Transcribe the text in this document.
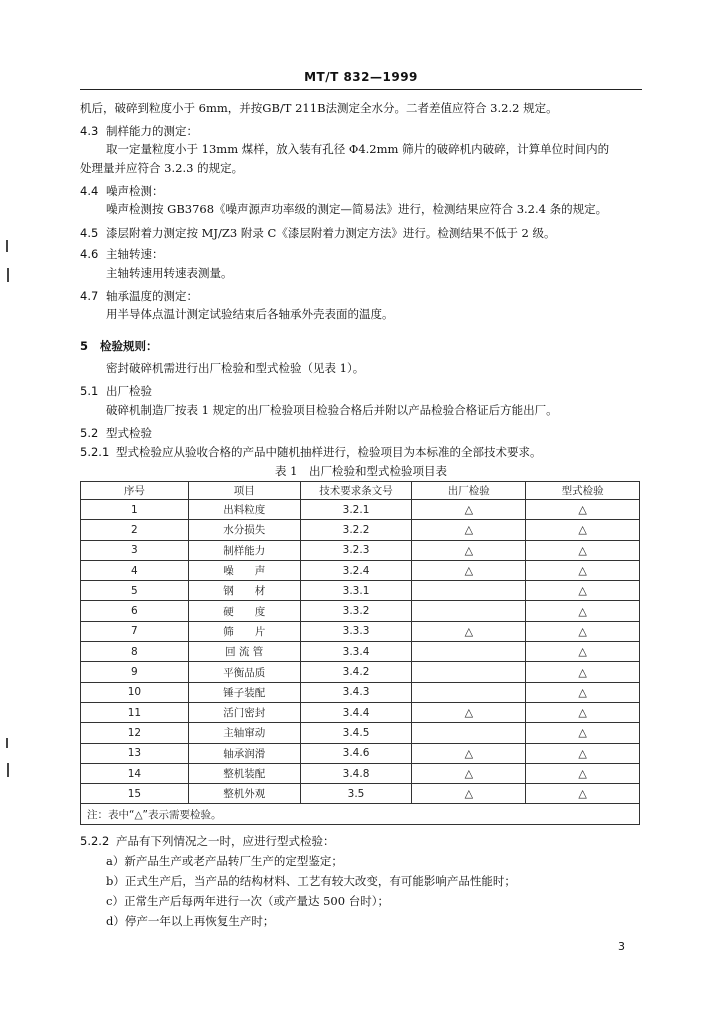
MT/T 832—1999
机后，破碎到粒度小于 6mm，并按GB/T 211B法测定全水分。二者差值应符合 3.2.2 规定。
4.3 制样能力的测定：
取一定量粒度小于 13mm 煤样，放入装有孔径 Φ4.2mm 筛片的破碎机内破碎，计算单位时间内的
处理量并应符合 3.2.3 的规定。
4.4 噪声检测：
噪声检测按 GB3768《噪声源声功率级的测定—简易法》进行，检测结果应符合 3.2.4 条的规定。
4.5 漆层附着力测定按 MJ/Z3 附录 C《漆层附着力测定方法》进行。检测结果不低于 2 级。
4.6 主轴转速：
主轴转速用转速表测量。
4.7 轴承温度的测定：
用半导体点温计测定试验结束后各轴承外壳表面的温度。
5 检验规则：
密封破碎机需进行出厂检验和型式检验（见表 1）。
5.1 出厂检验
破碎机制造厂按表 1 规定的出厂检验项目检验合格后并附以产品检验合格证后方能出厂。
5.2 型式检验
5.2.1 型式检验应从验收合格的产品中随机抽样进行，检验项目为本标准的全部技术要求。
表 1　出厂检验和型式检验项目表
序号	项目	技术要求条文号	出厂检验	型式检验
1	出料粒度	3.2.1	△	△
2	水分损失	3.2.2	△	△
3	制样能力	3.2.3	△	△
4	噪　　声	3.2.4	△	△
5	钢　　材	3.3.1		△
6	硬　　度	3.3.2		△
7	筛　　片	3.3.3	△	△
8	回 流 管	3.3.4		△
9	平衡品质	3.4.2		△
10	锤子装配	3.4.3		△
11	活门密封	3.4.4	△	△
12	主轴窜动	3.4.5		△
13	轴承润滑	3.4.6	△	△
14	整机装配	3.4.8	△	△
15	整机外观	3.5	△	△
注：表中“△”表示需要检验。				
5.2.2 产品有下列情况之一时，应进行型式检验：
a）新产品生产或老产品转厂生产的定型鉴定；
b）正式生产后，当产品的结构材料、工艺有较大改变，有可能影响产品性能时；
c）正常生产后每两年进行一次（或产量达 500 台时）；
d）停产一年以上再恢复生产时；
3
